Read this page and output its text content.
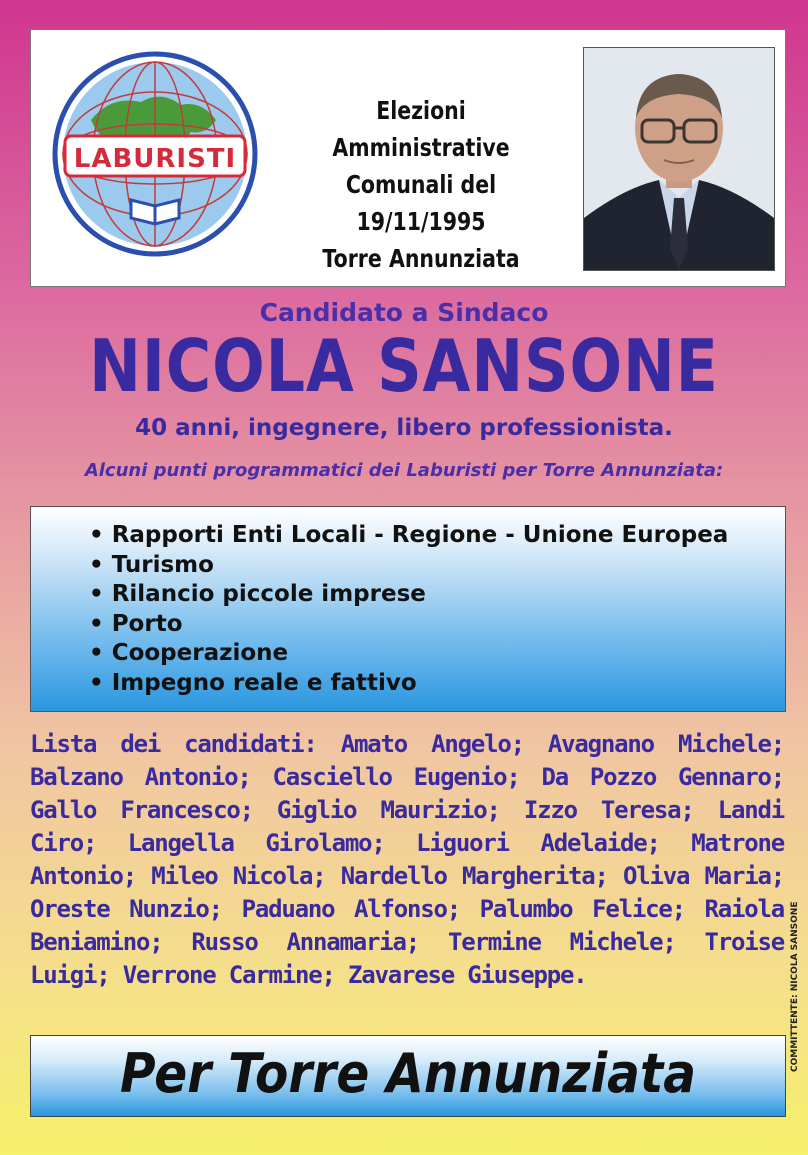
LABURISTI
Elezioni Amministrative
Comunali del 19/11/1995
Torre Annunziata
Candidato a Sindaco
NICOLA SANSONE
40 anni, ingegnere, libero professionista.
Alcuni punti programmatici dei Laburisti per Torre Annunziata:
• Rapporti Enti Locali - Regione - Unione Europea
• Turismo
• Rilancio piccole imprese
• Porto
• Cooperazione
• Impegno reale e fattivo
Lista dei candidati: Amato Angelo; Avagnano Michele; Balzano Antonio; Casciello Eugenio; Da Pozzo Gennaro; Gallo Francesco; Giglio Maurizio; Izzo Teresa; Landi Ciro; Langella Girolamo; Liguori Adelaide; Matrone Antonio; Mileo Nicola; Nardello Margherita; Oliva Maria; Oreste Nunzio; Paduano Alfonso; Palumbo Felice; Raiola Beniamino; Russo Annamaria; Termine Michele; Troise Luigi; Verrone Carmine; Zavarese Giuseppe.	COMMITTENTE: NICOLA SANSONE
Per Torre Annunziata
